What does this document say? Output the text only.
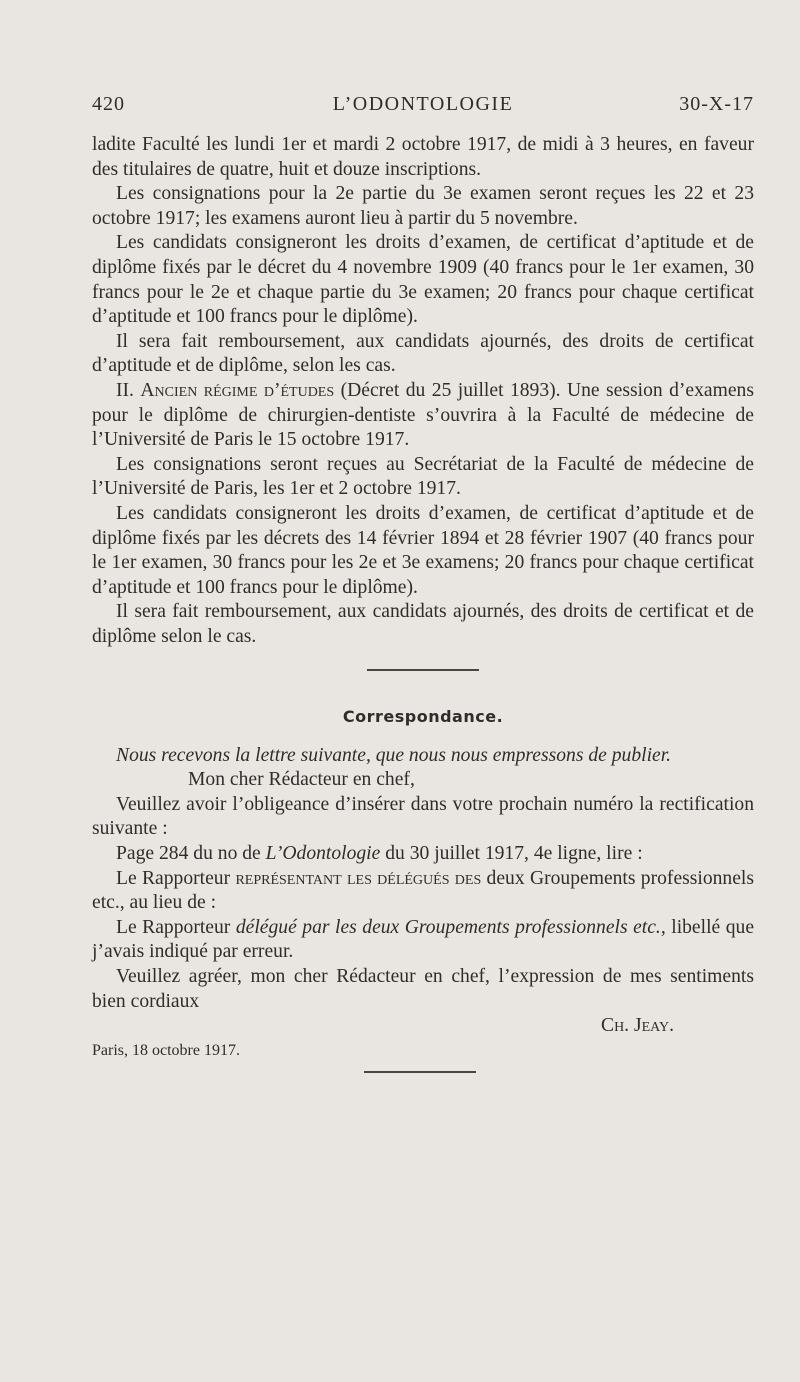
420	L’ODONTOLOGIE	30-X-17

ladite Faculté les lundi 1er et mardi 2 octobre 1917, de midi à 3 heures, en faveur des titulaires de quatre, huit et douze inscriptions.

Les consignations pour la 2e partie du 3e examen seront reçues les 22 et 23 octobre 1917; les examens auront lieu à partir du 5 novembre.

Les candidats consigneront les droits d’examen, de certificat d’aptitude et de diplôme fixés par le décret du 4 novembre 1909 (40 francs pour le 1er examen, 30 francs pour le 2e et chaque partie du 3e examen; 20 francs pour chaque certificat d’aptitude et 100 francs pour le diplôme).

Il sera fait remboursement, aux candidats ajournés, des droits de certificat d’aptitude et de diplôme, selon les cas.

II. Ancien régime d’études (Décret du 25 juillet 1893). Une session d’examens pour le diplôme de chirurgien-dentiste s’ouvrira à la Faculté de médecine de l’Université de Paris le 15 octobre 1917.

Les consignations seront reçues au Secrétariat de la Faculté de médecine de l’Université de Paris, les 1er et 2 octobre 1917.

Les candidats consigneront les droits d’examen, de certificat d’aptitude et de diplôme fixés par les décrets des 14 février 1894 et 28 février 1907 (40 francs pour le 1er examen, 30 francs pour les 2e et 3e examens; 20 francs pour chaque certificat d’aptitude et 100 francs pour le diplôme).

Il sera fait remboursement, aux candidats ajournés, des droits de certificat et de diplôme selon le cas.

Correspondance.

Nous recevons la lettre suivante, que nous nous empressons de publier.

Mon cher Rédacteur en chef,

Veuillez avoir l’obligeance d’insérer dans votre prochain numéro la rectification suivante :

Page 284 du no de L’Odontologie du 30 juillet 1917, 4e ligne, lire :

Le Rapporteur représentant les délégués des deux Groupements professionnels etc., au lieu de :

Le Rapporteur délégué par les deux Groupements professionnels etc., libellé que j’avais indiqué par erreur.

Veuillez agréer, mon cher Rédacteur en chef, l’expression de mes sentiments bien cordiaux

Ch. Jeay.

Paris, 18 octobre 1917.
